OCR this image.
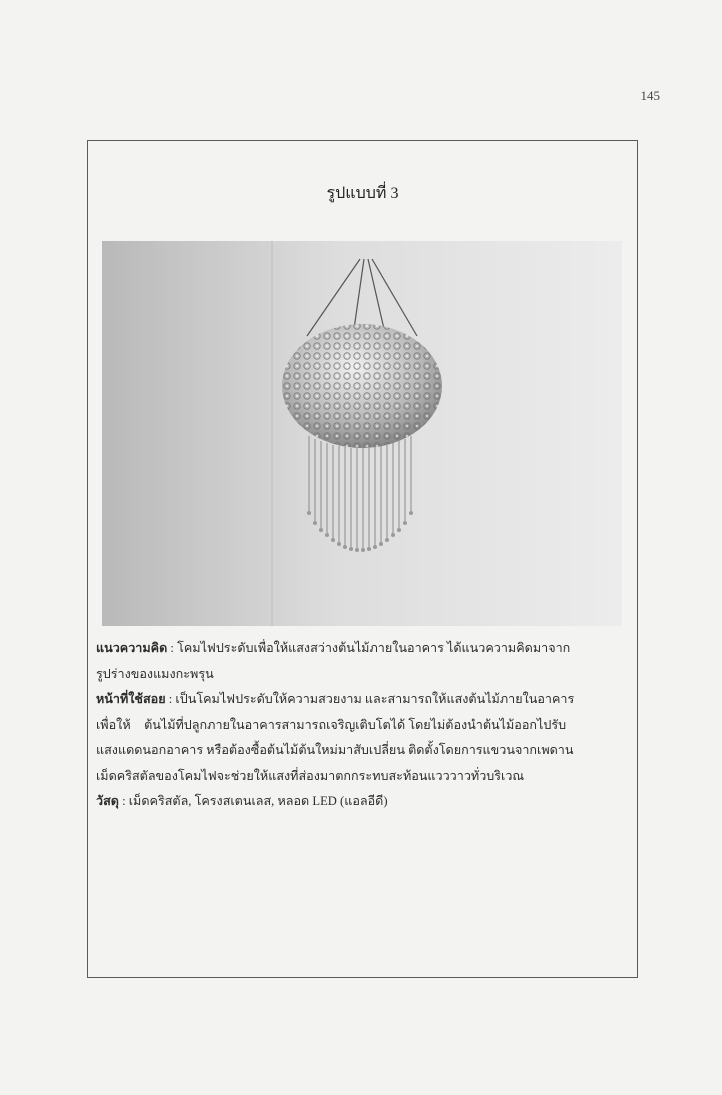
145
รูปแบบที่ 3

แนวความคิด : โคมไฟประดับเพื่อให้แสงสว่างต้นไม้ภายในอาคาร ได้แนวความคิดมาจาก

รูปร่างของแมงกะพรุน

หน้าที่ใช้สอย : เป็นโคมไฟประดับให้ความสวยงาม และสามารถให้แสงต้นไม้ภายในอาคาร

เพื่อให้ ต้นไม้ที่ปลูกภายในอาคารสามารถเจริญเติบโตได้ โดยไม่ต้องนำต้นไม้ออกไปรับ

แสงแดดนอกอาคาร หรือต้องซื้อต้นไม้ต้นใหม่มาสับเปลี่ยน ติดตั้งโดยการแขวนจากเพดาน

เม็ดคริสตัลของโคมไฟจะช่วยให้แสงที่ส่องมาตกกระทบสะท้อนแวววาวทั่วบริเวณ

วัสดุ : เม็ดคริสตัล, โครงสเตนเลส, หลอด LED (แอลอีดี)
